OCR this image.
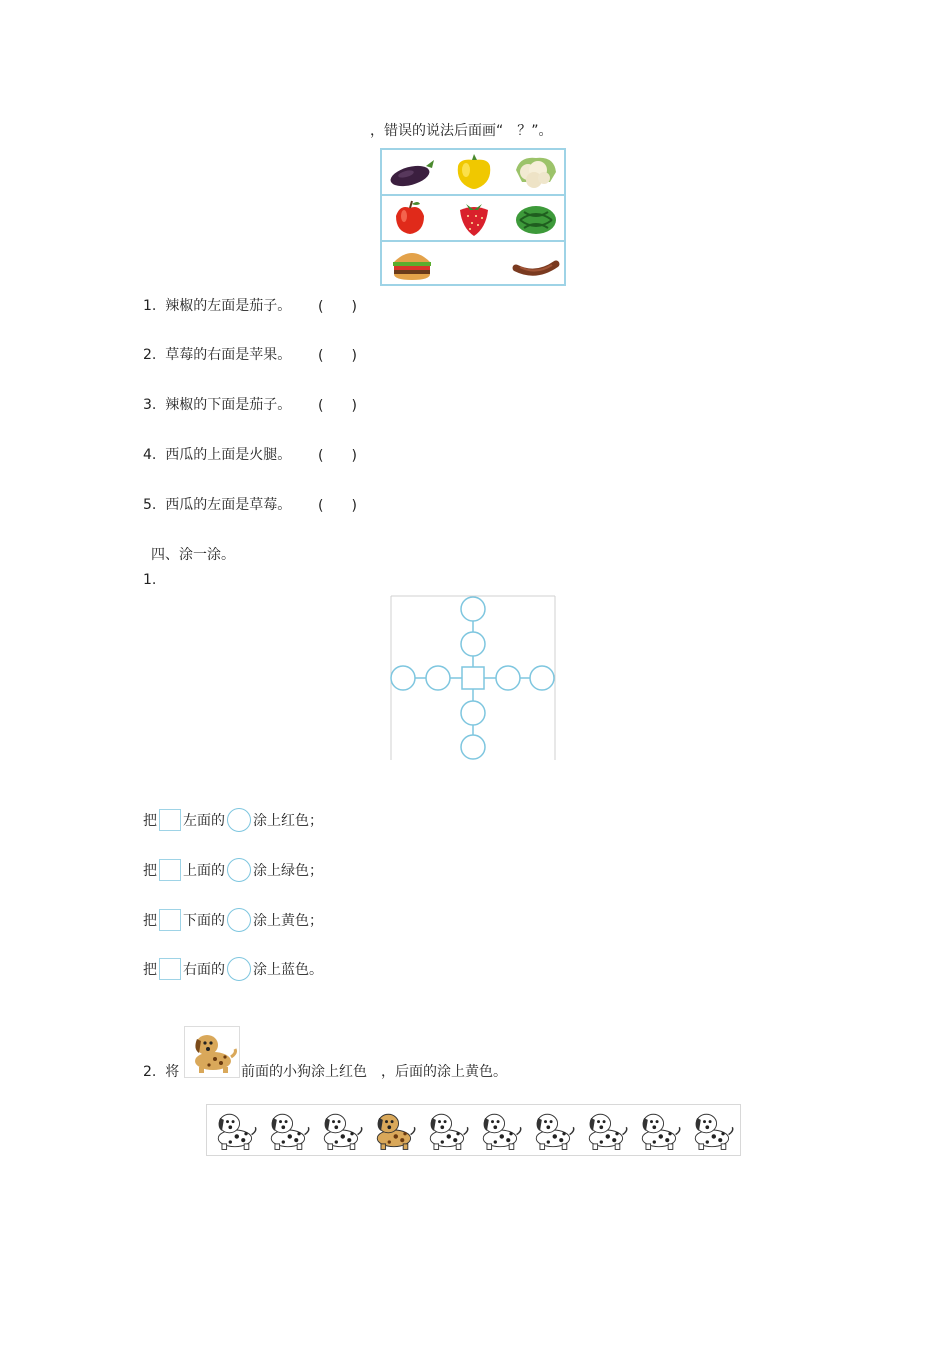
，错误的说法后面画“　？”。
1. 辣椒的左面是茄子。 (　　)
2. 草莓的右面是苹果。 (　　)
3. 辣椒的下面是茄子。 (　　)
4. 西瓜的上面是火腿。 (　　)
5. 西瓜的左面是草莓。 (　　)
四、涂一涂。
1.
把 左面的 涂上红色；
把 上面的 涂上绿色；
把 下面的 涂上黄色；
把 右面的 涂上蓝色。
2. 将	前面的小狗涂上红色　，后面的涂上黄色。
